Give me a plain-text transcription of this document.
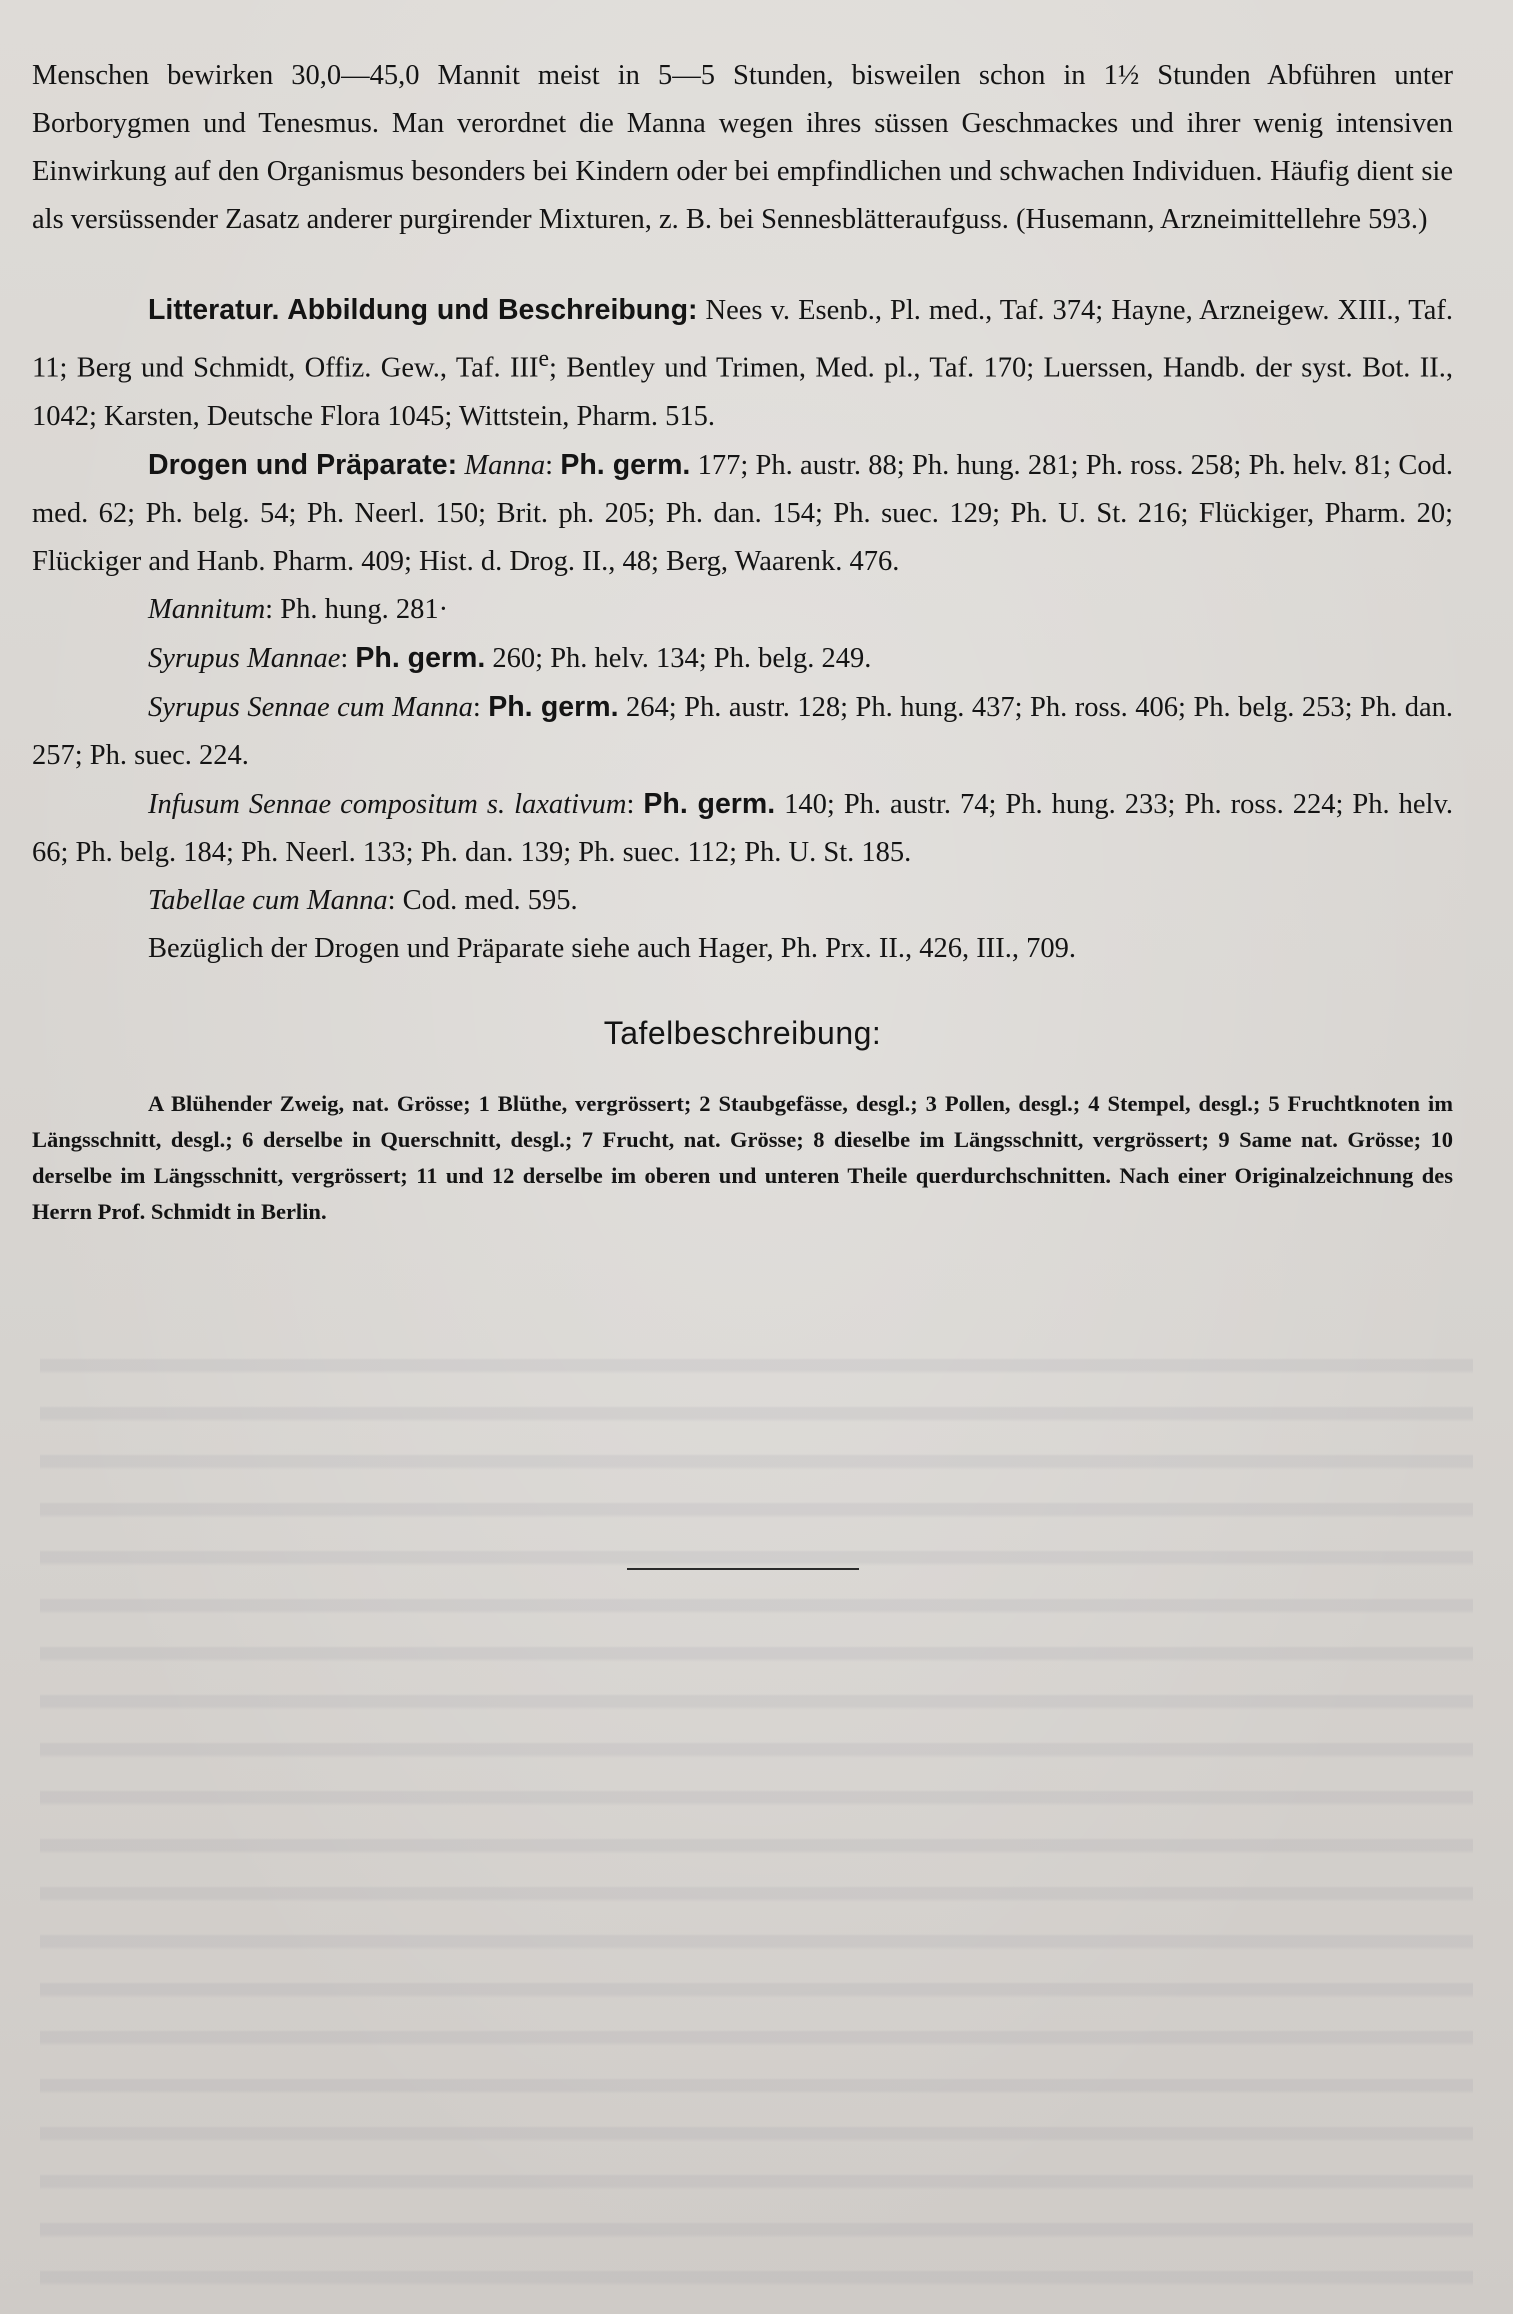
Menschen bewirken 30,0—45,0 Mannit meist in 5—5 Stunden, bisweilen schon in 1½ Stunden Abführen unter Borborygmen und Tenesmus. Man verordnet die Manna wegen ihres süssen Geschmackes und ihrer wenig intensiven Einwirkung auf den Organismus besonders bei Kindern oder bei empfindlichen und schwachen Individuen. Häufig dient sie als versüssender Zasatz anderer purgirender Mixturen, z. B. bei Sennesblätteraufguss. (Husemann, Arzneimittellehre 593.)

Litteratur. Abbildung und Beschreibung: Nees v. Esenb., Pl. med., Taf. 374; Hayne, Arzneigew. XIII., Taf. 11; Berg und Schmidt, Offiz. Gew., Taf. IIIe; Bentley und Trimen, Med. pl., Taf. 170; Luerssen, Handb. der syst. Bot. II., 1042; Karsten, Deutsche Flora 1045; Wittstein, Pharm. 515.

Drogen und Präparate: Manna: Ph. germ. 177; Ph. austr. 88; Ph. hung. 281; Ph. ross. 258; Ph. helv. 81; Cod. med. 62; Ph. belg. 54; Ph. Neerl. 150; Brit. ph. 205; Ph. dan. 154; Ph. suec. 129; Ph. U. St. 216; Flückiger, Pharm. 20; Flückiger and Hanb. Pharm. 409; Hist. d. Drog. II., 48; Berg, Waarenk. 476.

Mannitum: Ph. hung. 281·

Syrupus Mannae: Ph. germ. 260; Ph. helv. 134; Ph. belg. 249.

Syrupus Sennae cum Manna: Ph. germ. 264; Ph. austr. 128; Ph. hung. 437; Ph. ross. 406; Ph. belg. 253; Ph. dan. 257; Ph. suec. 224.

Infusum Sennae compositum s. laxativum: Ph. germ. 140; Ph. austr. 74; Ph. hung. 233; Ph. ross. 224; Ph. helv. 66; Ph. belg. 184; Ph. Neerl. 133; Ph. dan. 139; Ph. suec. 112; Ph. U. St. 185.

Tabellae cum Manna: Cod. med. 595.

Bezüglich der Drogen und Präparate siehe auch Hager, Ph. Prx. II., 426, III., 709.

Tafelbeschreibung:

A Blühender Zweig, nat. Grösse; 1 Blüthe, vergrössert; 2 Staubgefässe, desgl.; 3 Pollen, desgl.; 4 Stempel, desgl.; 5 Fruchtknoten im Längsschnitt, desgl.; 6 derselbe in Querschnitt, desgl.; 7 Frucht, nat. Grösse; 8 dieselbe im Längsschnitt, vergrössert; 9 Same nat. Grösse; 10 derselbe im Längsschnitt, vergrössert; 11 und 12 derselbe im oberen und unteren Theile querdurchschnitten. Nach einer Originalzeichnung des Herrn Prof. Schmidt in Berlin.
